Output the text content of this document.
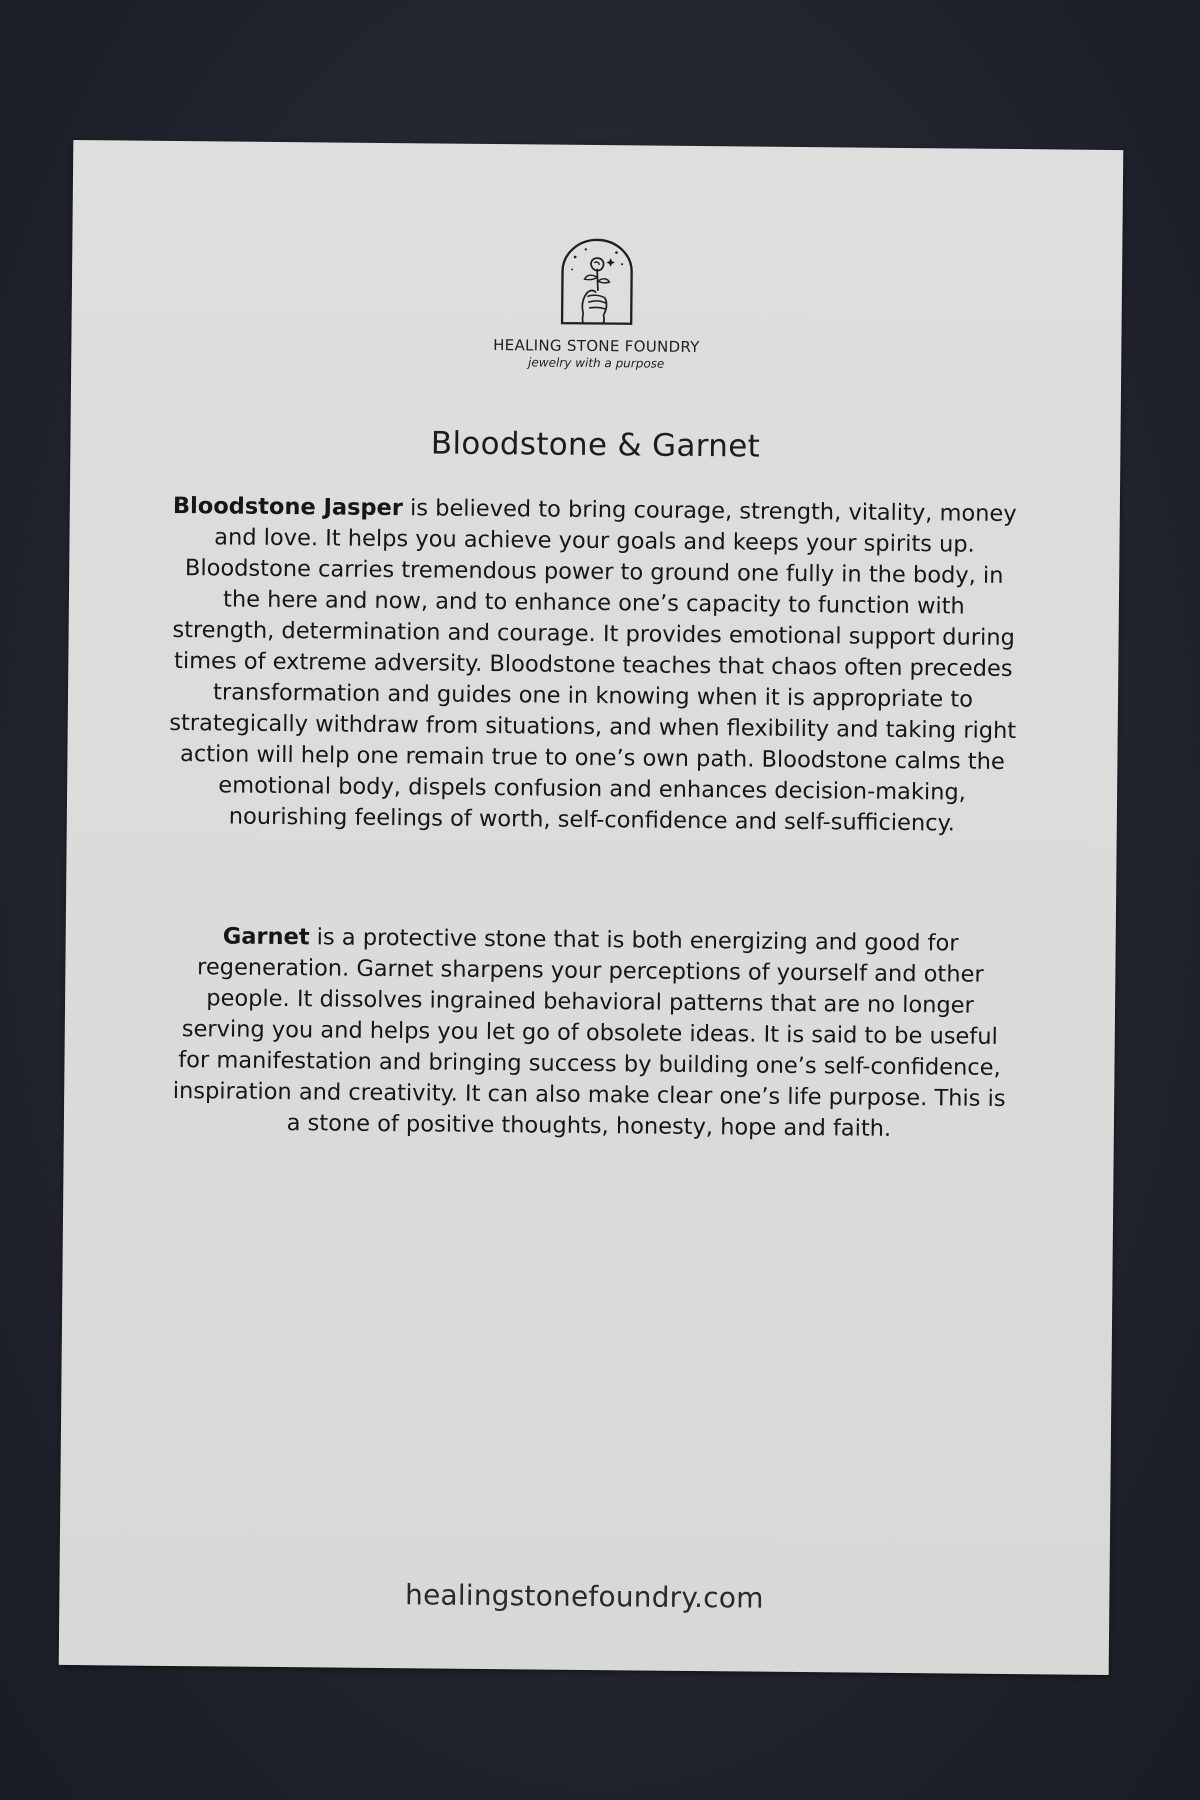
HEALING STONE FOUNDRY
jewelry with a purpose
Bloodstone & Garnet

Bloodstone Jasper is believed to bring courage, strength, vitality, money and love. It helps you achieve your goals and keeps your spirits up. Bloodstone carries tremendous power to ground one fully in the body, in the here and now, and to enhance one’s capacity to function with strength, determination and courage. It provides emotional support during times of extreme adversity. Bloodstone teaches that chaos often precedes transformation and guides one in knowing when it is appropriate to strategically withdraw from situations, and when flexibility and taking right action will help one remain true to one’s own path. Bloodstone calms the emotional body, dispels confusion and enhances decision-making, nourishing feelings of worth, self-confidence and self-sufficiency.

Garnet is a protective stone that is both energizing and good for regeneration. Garnet sharpens your perceptions of yourself and other people. It dissolves ingrained behavioral patterns that are no longer serving you and helps you let go of obsolete ideas. It is said to be useful for manifestation and bringing success by building one’s self-confidence, inspiration and creativity. It can also make clear one’s life purpose. This is a stone of positive thoughts, honesty, hope and faith.

healingstonefoundry.com
